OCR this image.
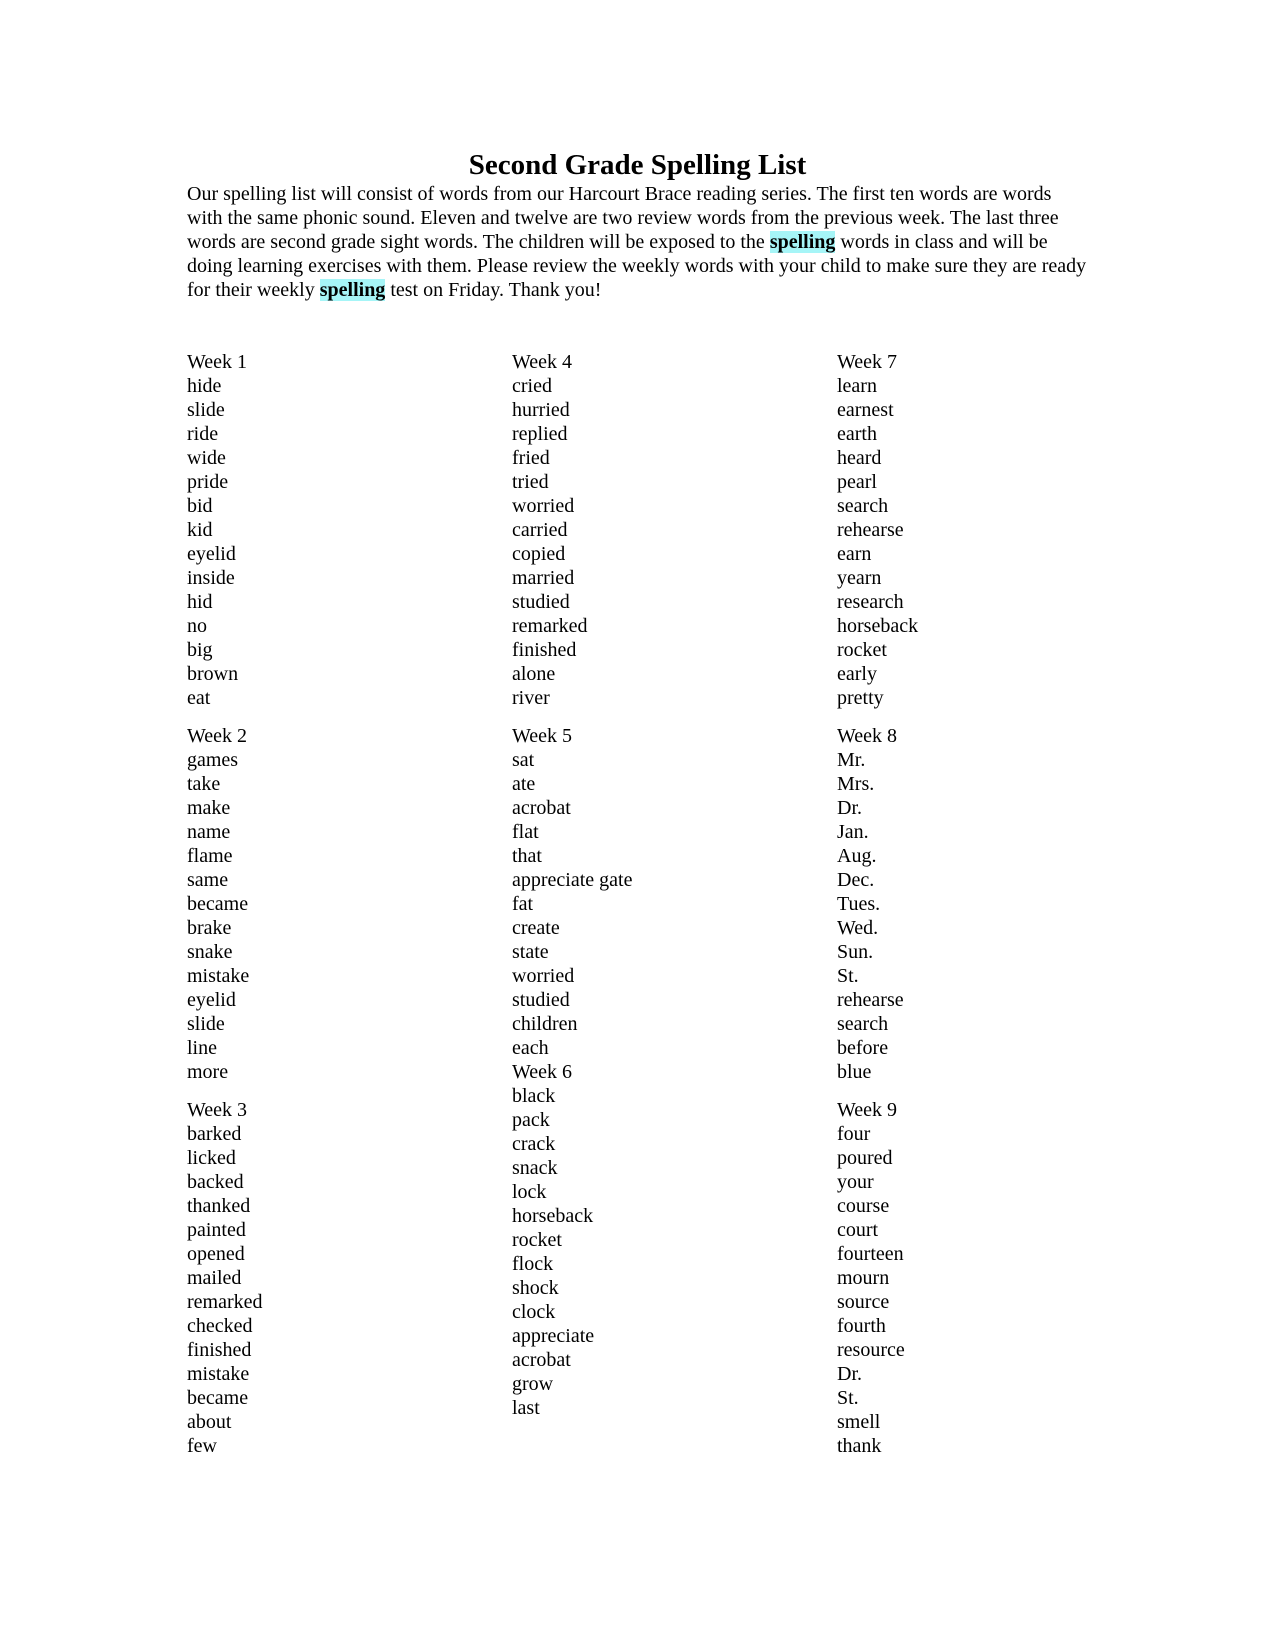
Second Grade Spelling List

Our spelling list will consist of words from our Harcourt Brace reading series. The first ten words are words with the same phonic sound. Eleven and twelve are two review words from the previous week. The last three words are second grade sight words. The children will be exposed to the spelling words in class and will be doing learning exercises with them. Please review the weekly words with your child to make sure they are ready for their weekly spelling test on Friday. Thank you!

Week 1
hide
slide
ride
wide
pride
bid
kid
eyelid
inside
hid
no
big
brown
eat
Week 2
games
take
make
name
flame
same
became
brake
snake
mistake
eyelid
slide
line
more
Week 3
barked
licked
backed
thanked
painted
opened
mailed
remarked
checked
finished
mistake
became
about
few
Week 4
cried
hurried
replied
fried
tried
worried
carried
copied
married
studied
remarked
finished
alone
river
Week 5
sat
ate
acrobat
flat
that
appreciate gate
fat
create
state
worried
studied
children
each
Week 6
black
pack
crack
snack
lock
horseback
rocket
flock
shock
clock
appreciate
acrobat
grow
last
Week 7
learn
earnest
earth
heard
pearl
search
rehearse
earn
yearn
research
horseback
rocket
early
pretty
Week 8
Mr.
Mrs.
Dr.
Jan.
Aug.
Dec.
Tues.
Wed.
Sun.
St.
rehearse
search
before
blue
Week 9
four
poured
your
course
court
fourteen
mourn
source
fourth
resource
Dr.
St.
smell
thank
